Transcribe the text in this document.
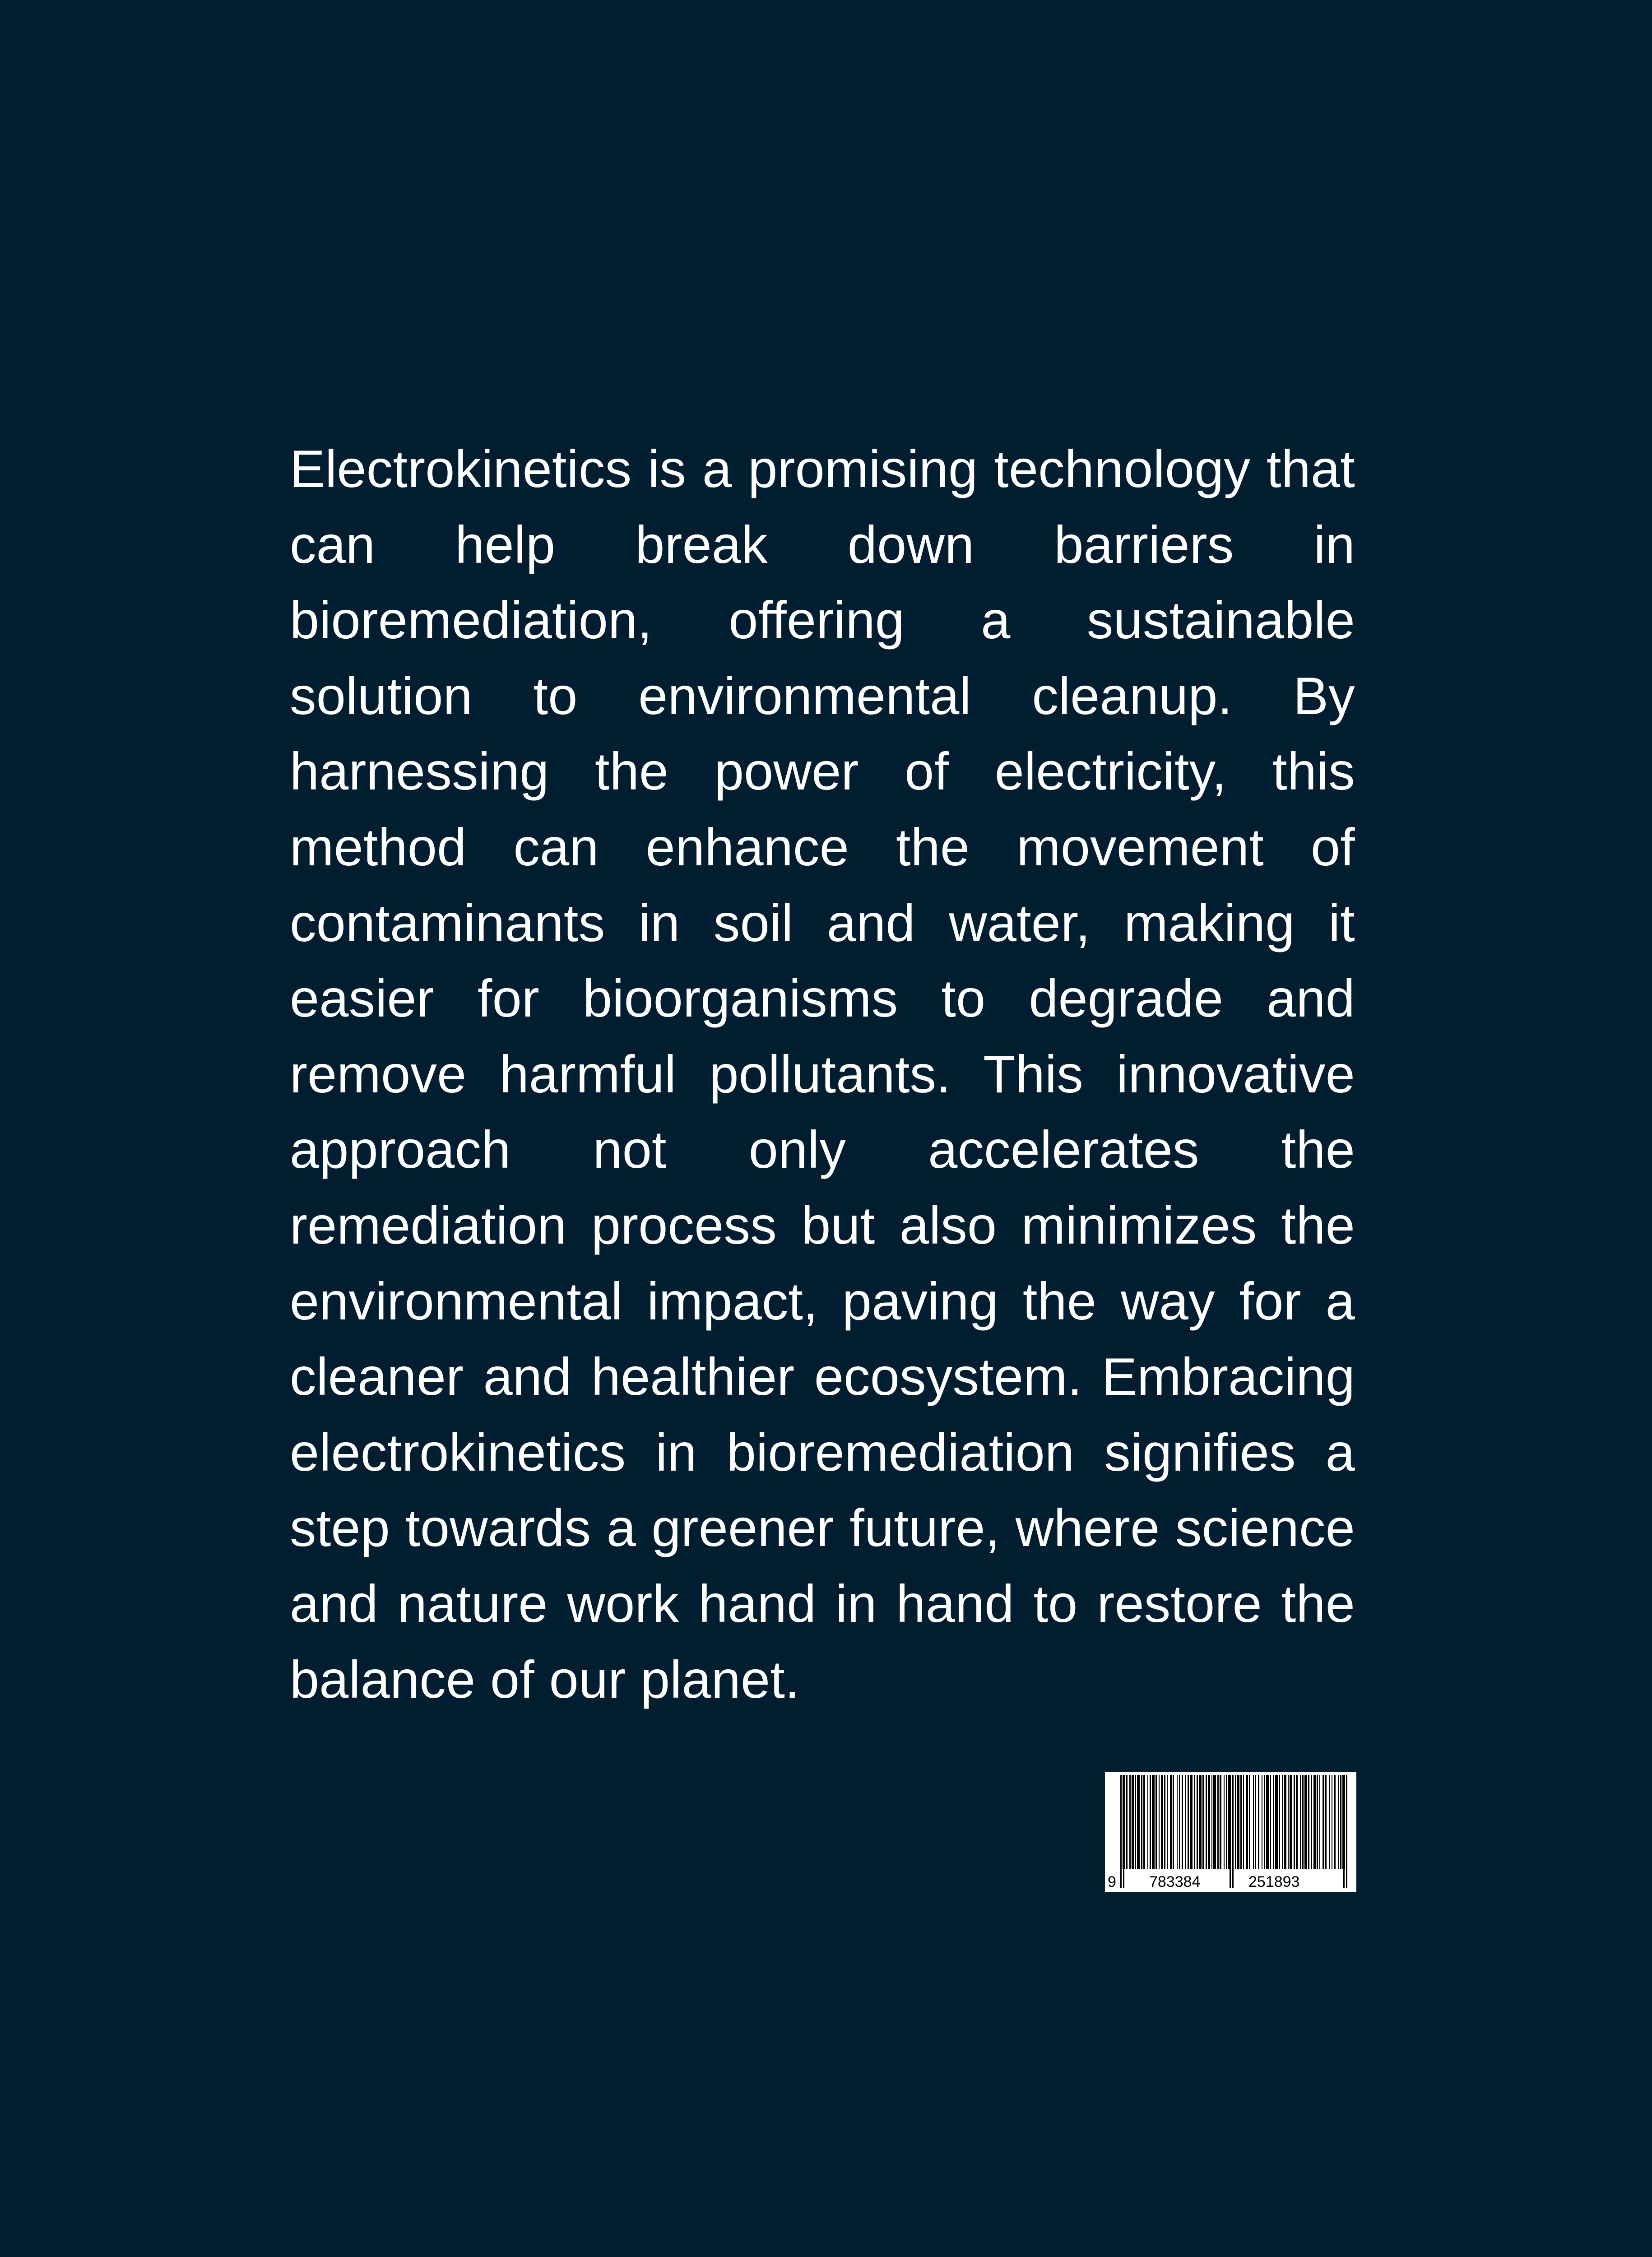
Electrokinetics is a promising technology that can help break down barriers in bioremediation, offering a sustainable solution to environmental cleanup. By harnessing the power of electricity, this method can enhance the movement of contaminants in soil and water, making it easier for bioorganisms to degrade and remove harmful pollutants. This innovative approach not only accelerates the remediation process but also minimizes the environmental impact, paving the way for a cleaner and healthier ecosystem. Embracing electrokinetics in bioremediation signifies a step towards a greener future, where science and nature work hand in hand to restore the balance of our planet.

9 783384	251893
